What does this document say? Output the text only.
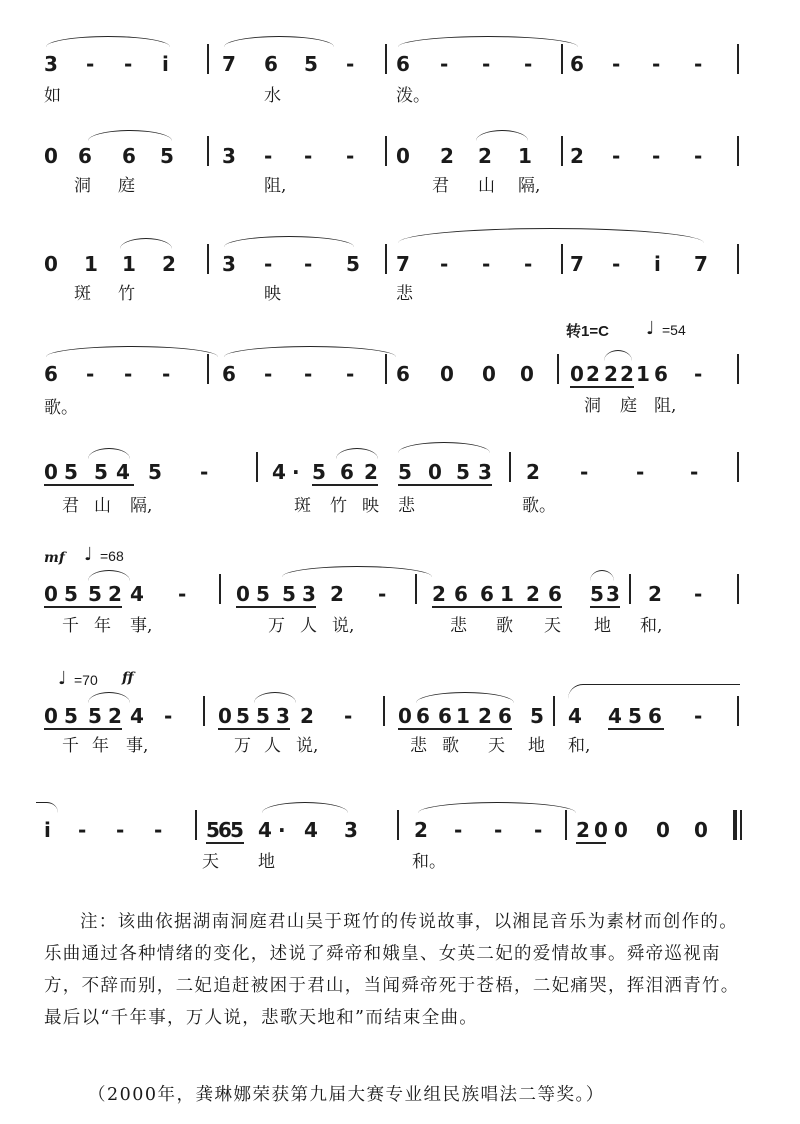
3 - - i	7 6 5 - 6 - - - 6 - - -
如	水	泼。
0 6 6 5 3 - - - 0 2 2 1 2 - - -
洞 庭	阻,	君 山 隔,
0 1 1 2 3 - - 5 7 - - - 7 - i 7
斑 竹	映	悲
转1=C ♩ =54
6 - - -	6 - - - 6 0 0 0 0 2 2 2 1 6 -
歌。	洞 庭 阻,
0 5 5 4 5 -	4 · 5 6 2 5 0 5 3 2 - - -
君 山 隔,	斑 竹 映 悲	歌。
mf ♩ =68
0 5 5 2 4 - 0 5 5 3 2 - 2 6 6 1 2 6 5 3 2 -
千 年 事,	万 人 说,	悲 歌 天 地 和,
♩ =70 ff
0 5 5 2 4 - 0 5 5 3 2 - 0 6 6 1 2 6 5 4 4 5 6 -
千 年 事,	万 人 说,	悲 歌 天 地 和,
i - - - 5
6
5 4 · 4 3	2 - - - 2 0 0 0 0
天 地	和。
注：该曲依据湖南洞庭君山吴于斑竹的传说故事，以湘昆音乐为素材而创作的。乐曲通过各种情绪的变化，述说了舜帝和娥皇、女英二妃的爱情故事。舜帝巡视南方，不辞而别，二妃追赶被困于君山，当闻舜帝死于苍梧，二妃痛哭，挥泪洒青竹。最后以“千年事，万人说，悲歌天地和”而结束全曲。
（2000年，龚琳娜荣获第九届大赛专业组民族唱法二等奖。）
